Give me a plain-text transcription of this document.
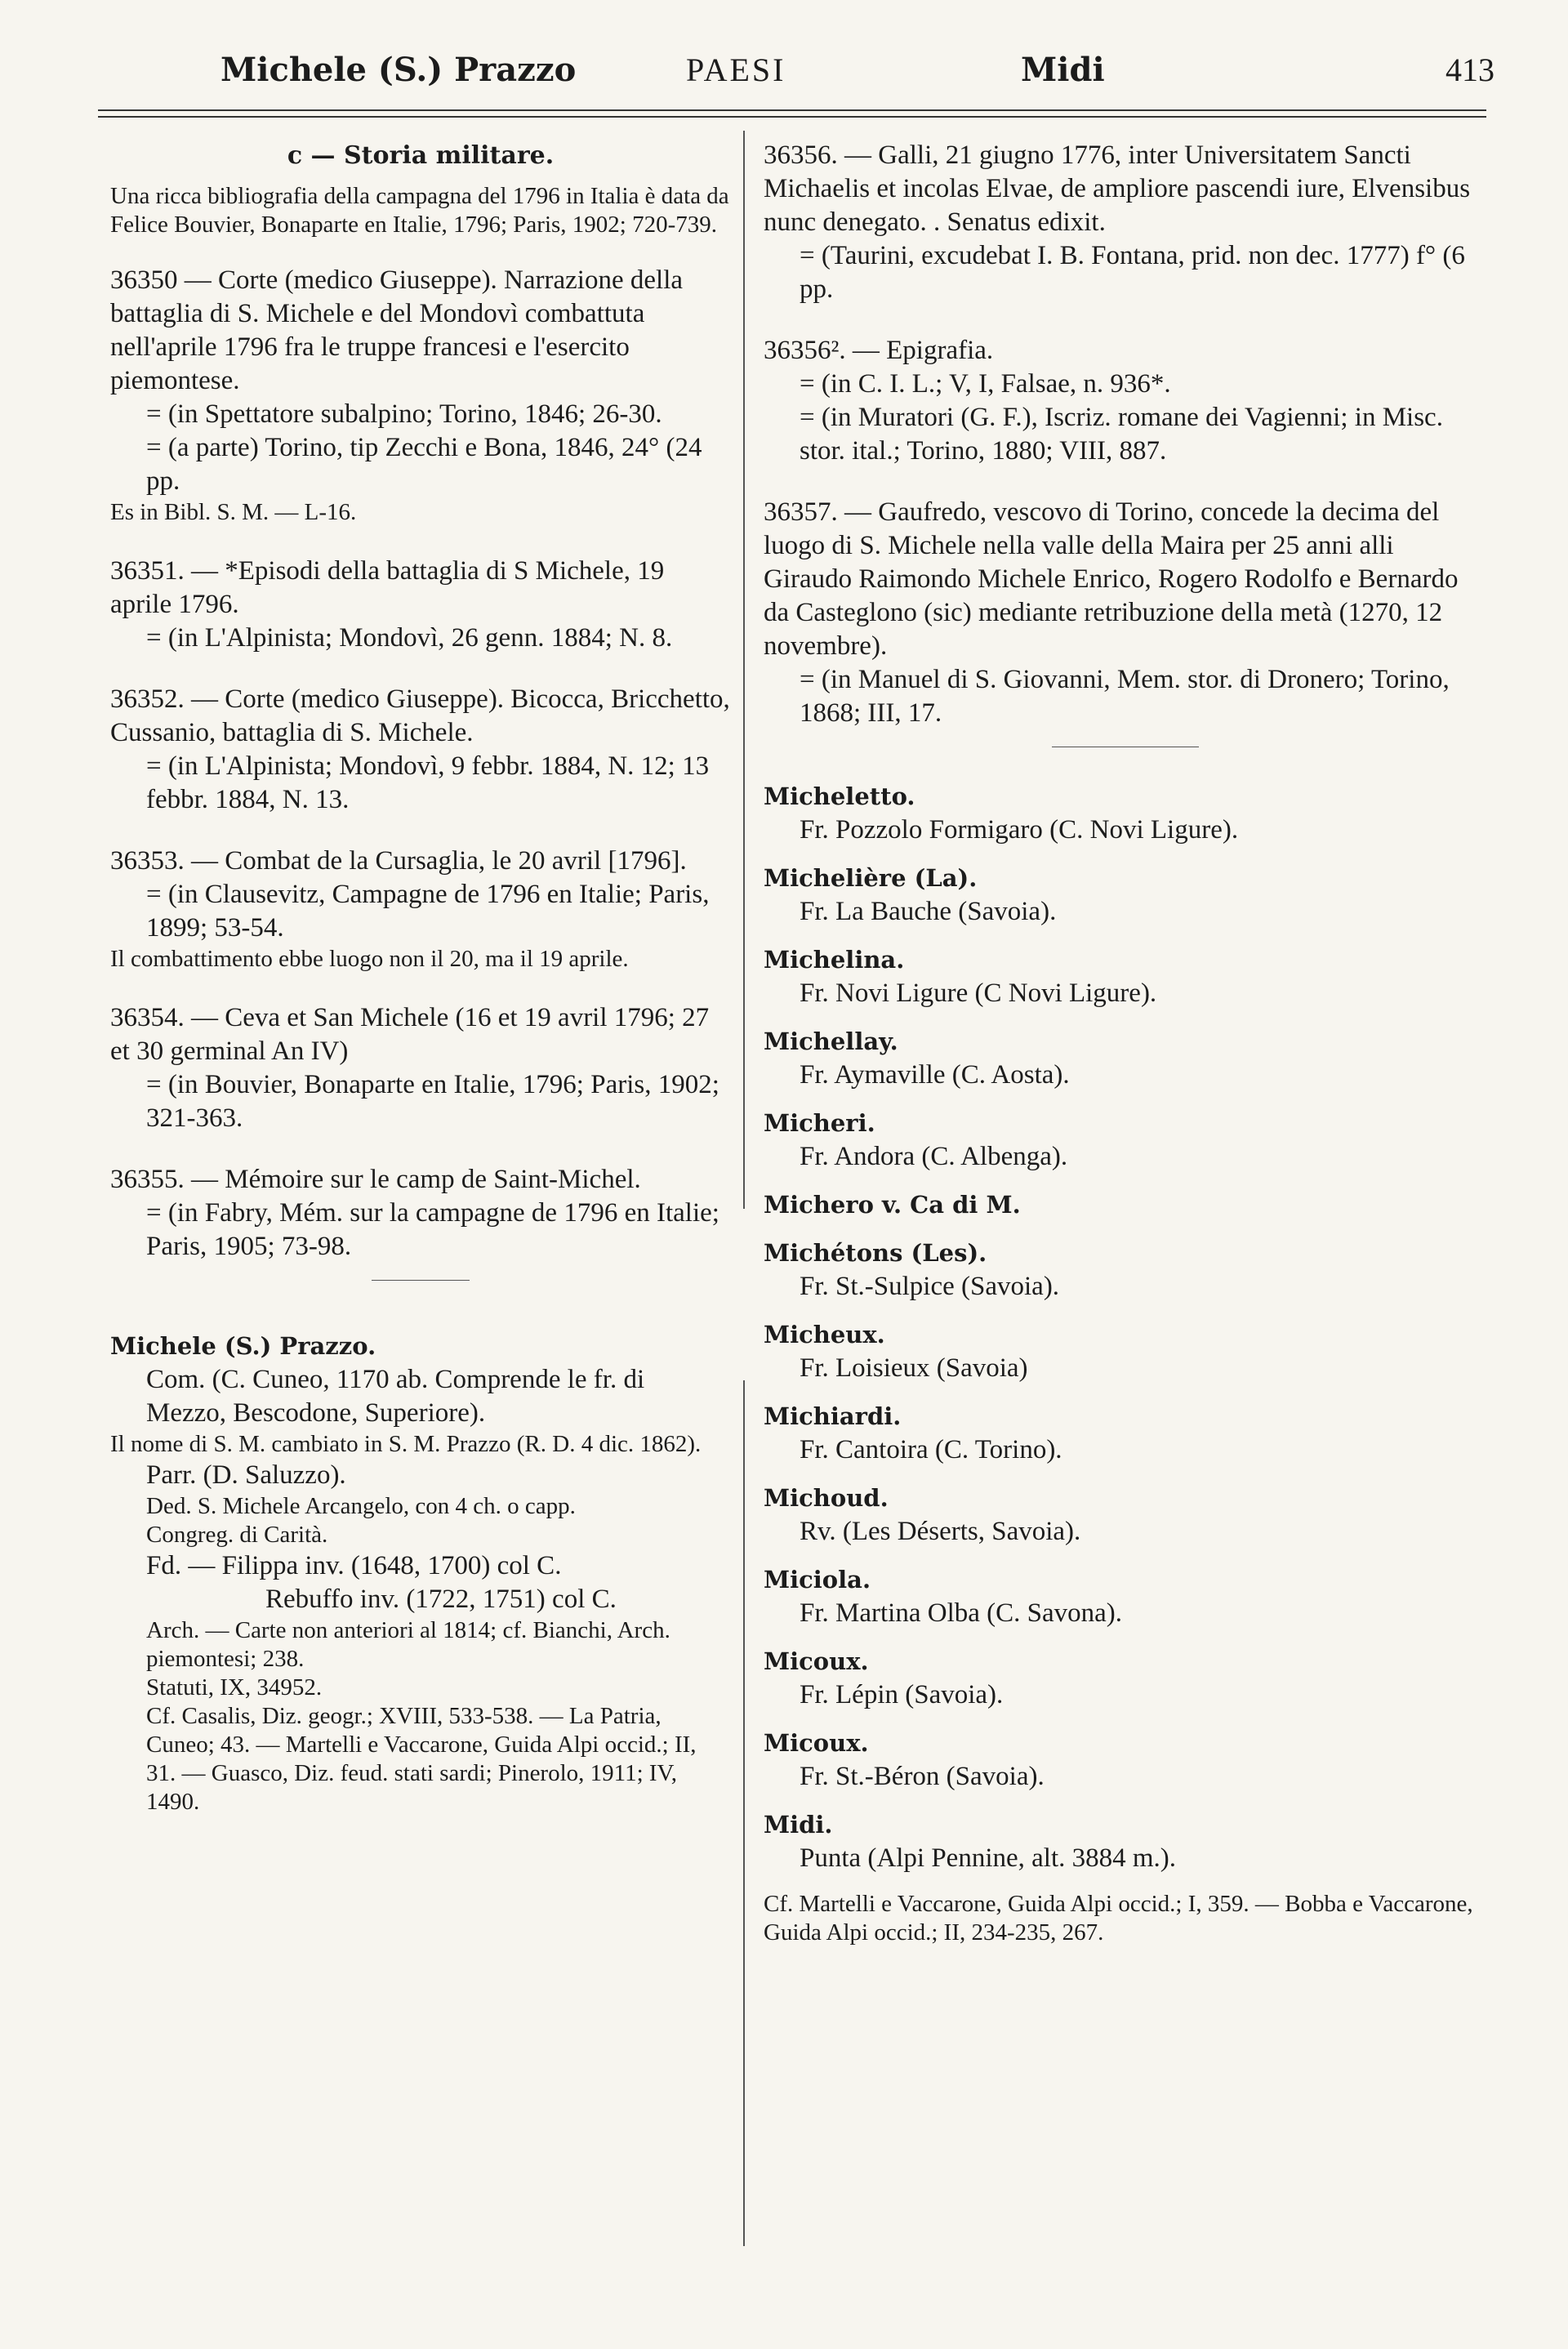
Michele (S.) Prazzo	PAESI	Midi	413

c — Storia militare.

Una ricca bibliografia della campagna del 1796 in Italia è data da Felice Bouvier, Bonaparte en Italie, 1796; Paris, 1902; 720-739.

36350 — Corte (medico Giuseppe). Narrazione della battaglia di S. Michele e del Mondovì combattuta nell'aprile 1796 fra le truppe francesi e l'esercito piemontese.

= (in Spettatore subalpino; Torino, 1846; 26-30.

= (a parte) Torino, tip Zecchi e Bona, 1846, 24° (24 pp.

Es in Bibl. S. M. — L-16.

36351. — *Episodi della battaglia di S Michele, 19 aprile 1796.

= (in L'Alpinista; Mondovì, 26 genn. 1884; N. 8.

36352. — Corte (medico Giuseppe). Bicocca, Bricchetto, Cussanio, battaglia di S. Michele.

= (in L'Alpinista; Mondovì, 9 febbr. 1884, N. 12; 13 febbr. 1884, N. 13.

36353. — Combat de la Cursaglia, le 20 avril [1796].

= (in Clausevitz, Campagne de 1796 en Italie; Paris, 1899; 53-54.

Il combattimento ebbe luogo non il 20, ma il 19 aprile.

36354. — Ceva et San Michele (16 et 19 avril 1796; 27 et 30 germinal An IV)

= (in Bouvier, Bonaparte en Italie, 1796; Paris, 1902; 321-363.

36355. — Mémoire sur le camp de Saint-Michel.

= (in Fabry, Mém. sur la campagne de 1796 en Italie; Paris, 1905; 73-98.

Michele (S.) Prazzo.

Com. (C. Cuneo, 1170 ab. Comprende le fr. di Mezzo, Bescodone, Superiore).

Il nome di S. M. cambiato in S. M. Prazzo (R. D. 4 dic. 1862).

Parr. (D. Saluzzo).

Ded. S. Michele Arcangelo, con 4 ch. o capp.

Congreg. di Carità.

Fd. — Filippa inv. (1648, 1700) col C.

Rebuffo inv. (1722, 1751) col C.

Arch. — Carte non anteriori al 1814; cf. Bianchi, Arch. piemontesi; 238.

Statuti, IX, 34952.

Cf. Casalis, Diz. geogr.; XVIII, 533-538. — La Patria, Cuneo; 43. — Martelli e Vaccarone, Guida Alpi occid.; II, 31. — Guasco, Diz. feud. stati sardi; Pinerolo, 1911; IV, 1490.

36356. — Galli, 21 giugno 1776, inter Universitatem Sancti Michaelis et incolas Elvae, de ampliore pascendi iure, Elvensibus nunc denegato. . Senatus edixit.

= (Taurini, excudebat I. B. Fontana, prid. non dec. 1777) f° (6 pp.

36356². — Epigrafia.

= (in C. I. L.; V, I, Falsae, n. 936*.

= (in Muratori (G. F.), Iscriz. romane dei Vagienni; in Misc. stor. ital.; Torino, 1880; VIII, 887.

36357. — Gaufredo, vescovo di Torino, concede la decima del luogo di S. Michele nella valle della Maira per 25 anni alli Giraudo Raimondo Michele Enrico, Rogero Rodolfo e Bernardo da Casteglono (sic) mediante retribuzione della metà (1270, 12 novembre).

= (in Manuel di S. Giovanni, Mem. stor. di Dronero; Torino, 1868; III, 17.

Micheletto.

Fr. Pozzolo Formigaro (C. Novi Ligure).

Michelière (La).

Fr. La Bauche (Savoia).

Michelina.

Fr. Novi Ligure (C Novi Ligure).

Michellay.

Fr. Aymaville (C. Aosta).

Micheri.

Fr. Andora (C. Albenga).

Michero v. Ca di M.

Michétons (Les).

Fr. St.-Sulpice (Savoia).

Micheux.

Fr. Loisieux (Savoia)

Michiardi.

Fr. Cantoira (C. Torino).

Michoud.

Rv. (Les Déserts, Savoia).

Miciola.

Fr. Martina Olba (C. Savona).

Micoux.

Fr. Lépin (Savoia).

Micoux.

Fr. St.-Béron (Savoia).

Midi.

Punta (Alpi Pennine, alt. 3884 m.).

Cf. Martelli e Vaccarone, Guida Alpi occid.; I, 359. — Bobba e Vaccarone, Guida Alpi occid.; II, 234-235, 267.
